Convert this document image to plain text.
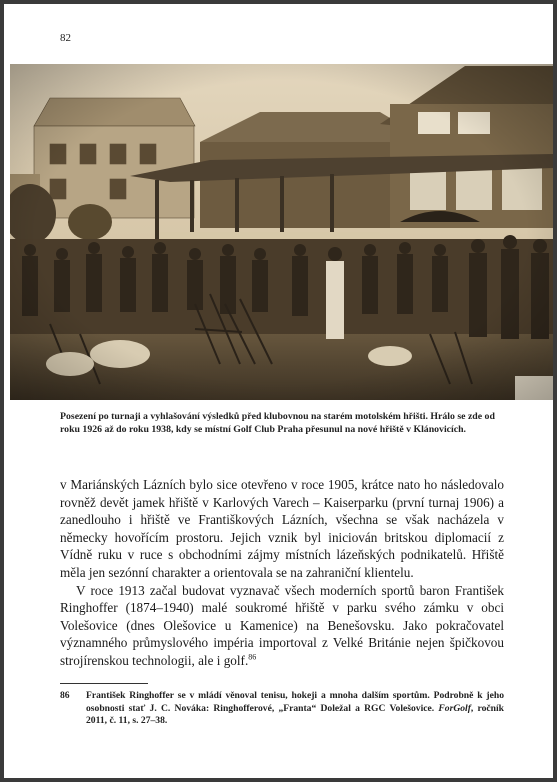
82
Posezení po turnaji a vyhlašování výsledků před klubovnou na starém motolském hřišti. Hrálo se zde od roku 1926 až do roku 1938, kdy se místní Golf Club Praha přesunul na nové hřiště v Klánovicích.

v Mariánských Lázních bylo sice otevřeno v roce 1905, krátce nato ho následovalo rovněž devět jamek hřiště v Karlových Varech – Kaiserparku (první turnaj 1906) a zanedlouho i hřiště ve Františkových Lázních, všechna se však nacházela v německy hovořícím prostoru. Jejich vznik byl iniciován britskou diplomacií z Vídně ruku v ruce s obchodními zájmy místních lázeňských podnikatelů. Hřiště měla jen sezónní charakter a orientovala se na zahraniční klientelu.

V roce 1913 začal budovat vyznavač všech moderních sportů baron František Ringhoffer (1874–1940) malé soukromé hřiště v parku svého zámku v obci Volešovice (dnes Olešovice u Kamenice) na Benešovsku. Jako pokračovatel významného průmyslového impéria importoval z Velké Británie nejen špičkovou strojírenskou technologii, ale i golf.$^{86}$

86 František Ringhoffer se v mládí věnoval tenisu, hokeji a mnoha dalším sportům. Podrobně k jeho osobnosti stať J. C. Nováka: Ringhofferové, „Franta“ Doležal a RGC Volešovice. ForGolf, ročník 2011, č. 11, s. 27–38.
